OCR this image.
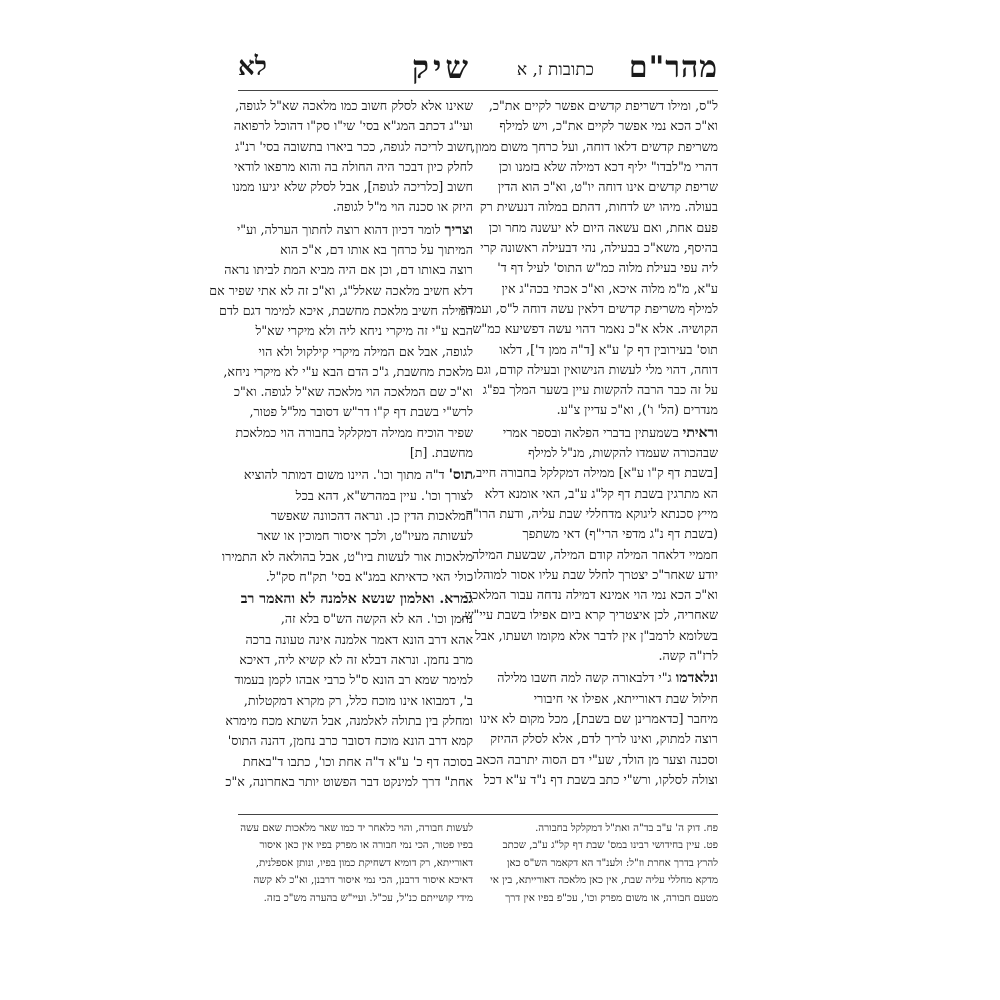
מהר"ם
כתובות ז, א
שיק
לא
ל"ס, ומילו דשריפת קדשים אפשר לקיים את"כ,
וא"כ הכא נמי אפשר לקיים את"כ, ויש למילף
משריפת קדשים דלאו דוחה, ועל כרחך משום ממון,
דהרי מ"לבדו" יליף דכא דמילה שלא בזמנו וכן
שריפת קדשים אינו דוחה יו"ט, וא"כ הוא הדין
בעולה. מיהו יש לדחות, דהתם במלוה דנעשית רק
פעם אחת, ואם עשאה היום לא יעשנה מחר וכן
בהיסף, משא"כ בבעילה, נהי דבעילה ראשונה קרי
ליה עפי בעילת מלוה כמ"ש התוס' לעיל דף ד'
ע"א, מ"מ מלוה איכא, וא"כ אכתי בכה"ג אין
למילף משריפת קדשים דלאין עשה דוחה ל"ס, ועמדה
הקושיה. אלא א"כ נאמר דהוי עשה דפשיעא כמ"ש
תוס' בעירובין דף ק' ע"א [ד"ה ממן ד'], דלאו
דוחה, דהוי מלי לעשות הנישואין ובעילה קודם, וגם
על זה כבר הרבה להקשות עיין בשער המלך בפ"ג
מנדרים (הל' ו'), וא"כ עדיין צ"ע.
וראיתי בשמעתין בדברי הפלאה ובספר אמרי
שבהכורה שעמדו להקשות, מנ"ל למילף
[בשבת דף ק"ו ע"א] ממילה דמקלקל בחבורה חייב,
הא מתרגין בשבת דף קל"ג ע"ב, האי אומנא דלא
מייץ סכנתא ליגוקא מדחללי שבת עליה, ודעת הרו"ה
(בשבת דף נ"ג מדפי הרי"ף) דאי משתפך
חממיי דלאחר המילה קודם המילה, שבשעת המילה
יודע שאחר"כ יצטרך לחלל שבת עליו אסור למוהלו,
וא"כ הכא נמי הוי אמינא דמילה נדחה עבור המלאכה
שאחריה, לכן איצטריך קרא ביום אפילו בשבת עיי"ש,
בשלומא לרמב"ן אין לדבר אלא מקומו ושעתו, אבל
לרז"ה קשה.
ונלאדמו ג"י דלבאורה קשה למה חשבו מלילה
חילול שבת דאורייתא, אפילו אי חיבורי
מיחבר [כדאמרינן שם בשבת], מכל מקום לא אינו
רוצה למתוק, ואינו לריך לדם, אלא לסלק ההיזק
וסכנה וצער מן הולד, שע"י דם הסוה יתרבה הכאב
וצולה לסלקו, ורש"י כתב בשבת דף נ"ד ע"א דכל
שאינו אלא לסלק חשוב כמו מלאכה שא"ל לגופה,
ועי"ג דכתב המג"א בסי' שי"ו סק"ו דהוכל לרפואה
חשוב לריכה לגופה, ככר ביארו בתשובה בסי' רנ"ג
לחלק כיון דבכר היה החולה בה והוא מרפאו לודאי
חשוב [כלריכה לגופה], אבל לסלק שלא יגיעו ממנו
היזק או סכנה הוי מ"ל לגופה.
וצריך לומר דכיון דהוא רוצה לחתוך הערלה, וע"י
המיתוך על כרחך בא אותו דם, א"כ הוא
רוצה באותו דם, וכן אם היה מביא המת לביתו נראה
דלא חשיב מלאכה שאלל"ג, וא"כ זה לא אתי שפיר אם
המילה חשיב מלאכת מחשבת, איכא למימר דגם לדם
הבא ע"י זה מיקרי ניחא ליה ולא מיקרי שא"ל
לגופה, אבל אם המילה מיקרי קילקול ולא הוי
מלאכת מחשבת, ג"כ הדם הבא ע"י לא מיקרי ניחא,
וא"כ שם המלאכה הוי מלאכה שא"ל לגופה. וא"כ
לרש"י בשבת דף ק"ו דר"ש דסובר מל"ל פטור,
שפיר הוכיח ממילה דמקלקל בחבורה הוי כמלאכת
מחשבת. [ת]
תוס' ד"ה מתוך וכו'. היינו משום דמותר להוציא
לצורך וכו'. עיין במהרש"א, דהא בכל
המלאכות הדין כן. ונראה דהכוונה שאפשר
לעשותה מעיו"ט, ולכך איסור חמוכין או שאר
מלאכות אור לעשות ביו"ט, אבל בהולאה לא התמירו
כולי האי כדאיתא במג"א בסי' תק"ח סק"ל.
גמרא. ואלמון שנשא אלמנה לא והאמר רב
נחמן וכו'. הא לא הקשה הש"ס בלא זה,
אהא דרב הונא דאמר אלמנה אינה טעונה ברכה
מרב נחמן. ונראה דבלא זה לא קשיא ליה, דאיכא
למימר שמא רב הונא ס"ל כרבי אבהו לקמן בעמוד
ב', דמבואו אינו מוכח כלל, רק מקרא דמקטלות,
ומחלק בין בתולה לאלמנה, אבל השתא מכח מימרא
קמא דרב הונא מוכח דסובר כרב נחמן, דהנה התוס'
בסוכה דף כ' ע"א ד"ה אחת וכו', כתבו ד"באחת
אחת" דרך למינקט דבר הפשוט יותר באחרונה, א"כ
פח. דוק ה' ע"ב בד"ה ואת"ל דמקלקל בחבורה.
פט. עיין בחידושי רבינו במס' שבת דף קל"ג ע"ב, שכתב
להרץ בדרך אחרת וז"ל: ולענ"ד הא דקאמר הש"ס כאן
מדקא מחללי עליה שבת, אין כאן מלאכה דאורייתא, בין אי
מטעם חבורה, או משום מפרק וכו', עכ"פ בפיו אין דרך
לעשות חבורה, והוי כלאחר יד כמו שאר מלאכות שאם עשה
בפיו פטור, הכי נמי חבורה או מפרק בפיו אין כאן איסור
דאורייתא, רק דומיא דשחיקת כמון בפיו, ונותן אספלנית,
דאיכא איסור דרבנן, הכי נמי איסור דרבנן, וא"כ לא קשה
מידי קושייתם כנ"ל, עכ"ל. ועיי"ש בהערה מש"כ בזה.
